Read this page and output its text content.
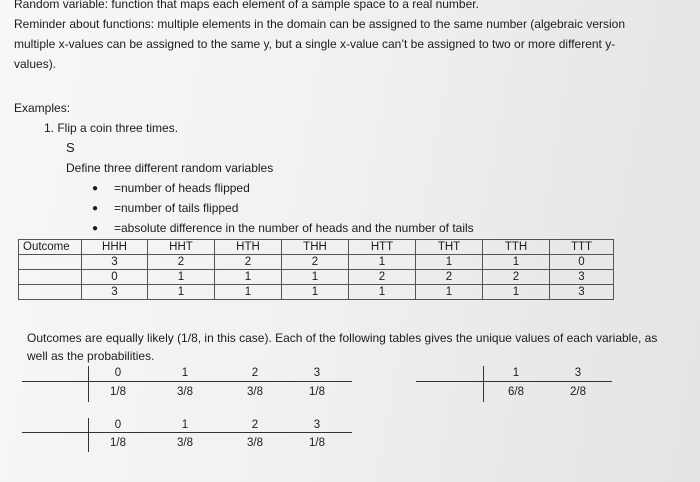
Random variable: function that maps each element of a sample space to a real number.
Reminder about functions: multiple elements in the domain can be assigned to the same number (algebraic version
multiple x-values can be assigned to the same y, but a single x-value can’t be assigned to two or more different y-
values).
Examples:
1. Flip a coin three times.
S
Define three different random variables
● =number of heads flipped
● =number of tails flipped
● =absolute difference in the number of heads and the number of tails
Outcome	HHH	HHT	HTH	THH	HTT	THT	TTH	TTT
	3	2	2	2	1	1	1	0
	0	1	1	1	2	2	2	3
	3	1	1	1	1	1	1	3
Outcomes are equally likely (1/8, in this case). Each of the following tables gives the unique values of each variable, as
well as the probabilities.
0	1	2	3
1/8	3/8	3/8	1/8
1	3
6/8	2/8
0	1	2	3
1/8	3/8	3/8	1/8
